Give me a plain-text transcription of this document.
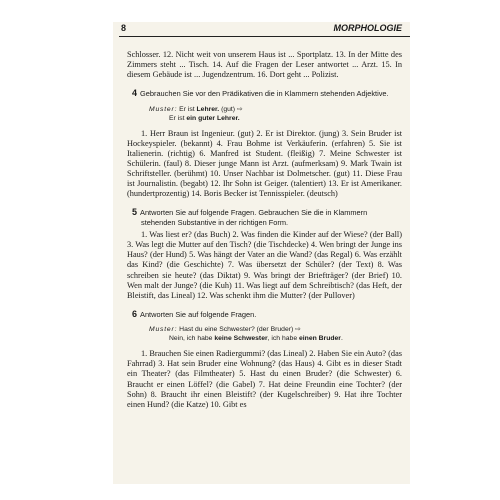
8	MORPHOLOGIE

Schlosser. 12. Nicht weit von unserem Haus ist ... Sportplatz. 13. In der Mitte des Zimmers steht ... Tisch. 14. Auf die Fragen der Leser antwortet ... Arzt. 15. In diesem Gebäude ist ... Jugendzentrum. 16. Dort geht ... Polizist.

4 Gebrauchen Sie vor den Prädikativen die in Klammern stehenden Adjektive.
Muster: Er ist Lehrer. (gut) ⇨
Er ist ein guter Lehrer.

1. Herr Braun ist Ingenieur. (gut) 2. Er ist Direktor. (jung) 3. Sein Bruder ist Hockeyspieler. (bekannt) 4. Frau Bohme ist Verkäuferin. (erfahren) 5. Sie ist Italienerin. (richtig) 6. Manfred ist Student. (fleißig) 7. Meine Schwester ist Schülerin. (faul) 8. Dieser junge Mann ist Arzt. (aufmerksam) 9. Mark Twain ist Schriftsteller. (berühmt) 10. Unser Nachbar ist Dolmetscher. (gut) 11. Diese Frau ist Journalistin. (begabt) 12. Ihr Sohn ist Geiger. (talentiert) 13. Er ist Amerikaner. (hundertprozentig) 14. Boris Becker ist Tennisspieler. (deutsch)

5 Antworten Sie auf folgende Fragen. Gebrauchen Sie die in Klammern stehenden Substantive in der richtigen Form.

1. Was liest er? (das Buch) 2. Was finden die Kinder auf der Wiese? (der Ball) 3. Was legt die Mutter auf den Tisch? (die Tischdecke) 4. Wen bringt der Junge ins Haus? (der Hund) 5. Was hängt der Vater an die Wand? (das Regal) 6. Was erzählt das Kind? (die Geschichte) 7. Was übersetzt der Schüler? (der Text) 8. Was schreiben sie heute? (das Diktat) 9. Was bringt der Briefträger? (der Brief) 10. Wen malt der Junge? (die Kuh) 11. Was liegt auf dem Schreibtisch? (das Heft, der Bleistift, das Lineal) 12. Was schenkt ihm die Mutter? (der Pullover)

6 Antworten Sie auf folgende Fragen.
Muster: Hast du eine Schwester? (der Bruder) ⇨
Nein, ich habe keine Schwester, ich habe einen Bruder.

1. Brauchen Sie einen Radiergummi? (das Lineal) 2. Haben Sie ein Auto? (das Fahrrad) 3. Hat sein Bruder eine Wohnung? (das Haus) 4. Gibt es in dieser Stadt ein Theater? (das Filmtheater) 5. Hast du einen Bruder? (die Schwester) 6. Braucht er einen Löffel? (die Gabel) 7. Hat deine Freundin eine Tochter? (der Sohn) 8. Braucht ihr einen Bleistift? (der Kugelschreiber) 9. Hat ihre Tochter einen Hund? (die Katze) 10. Gibt es
